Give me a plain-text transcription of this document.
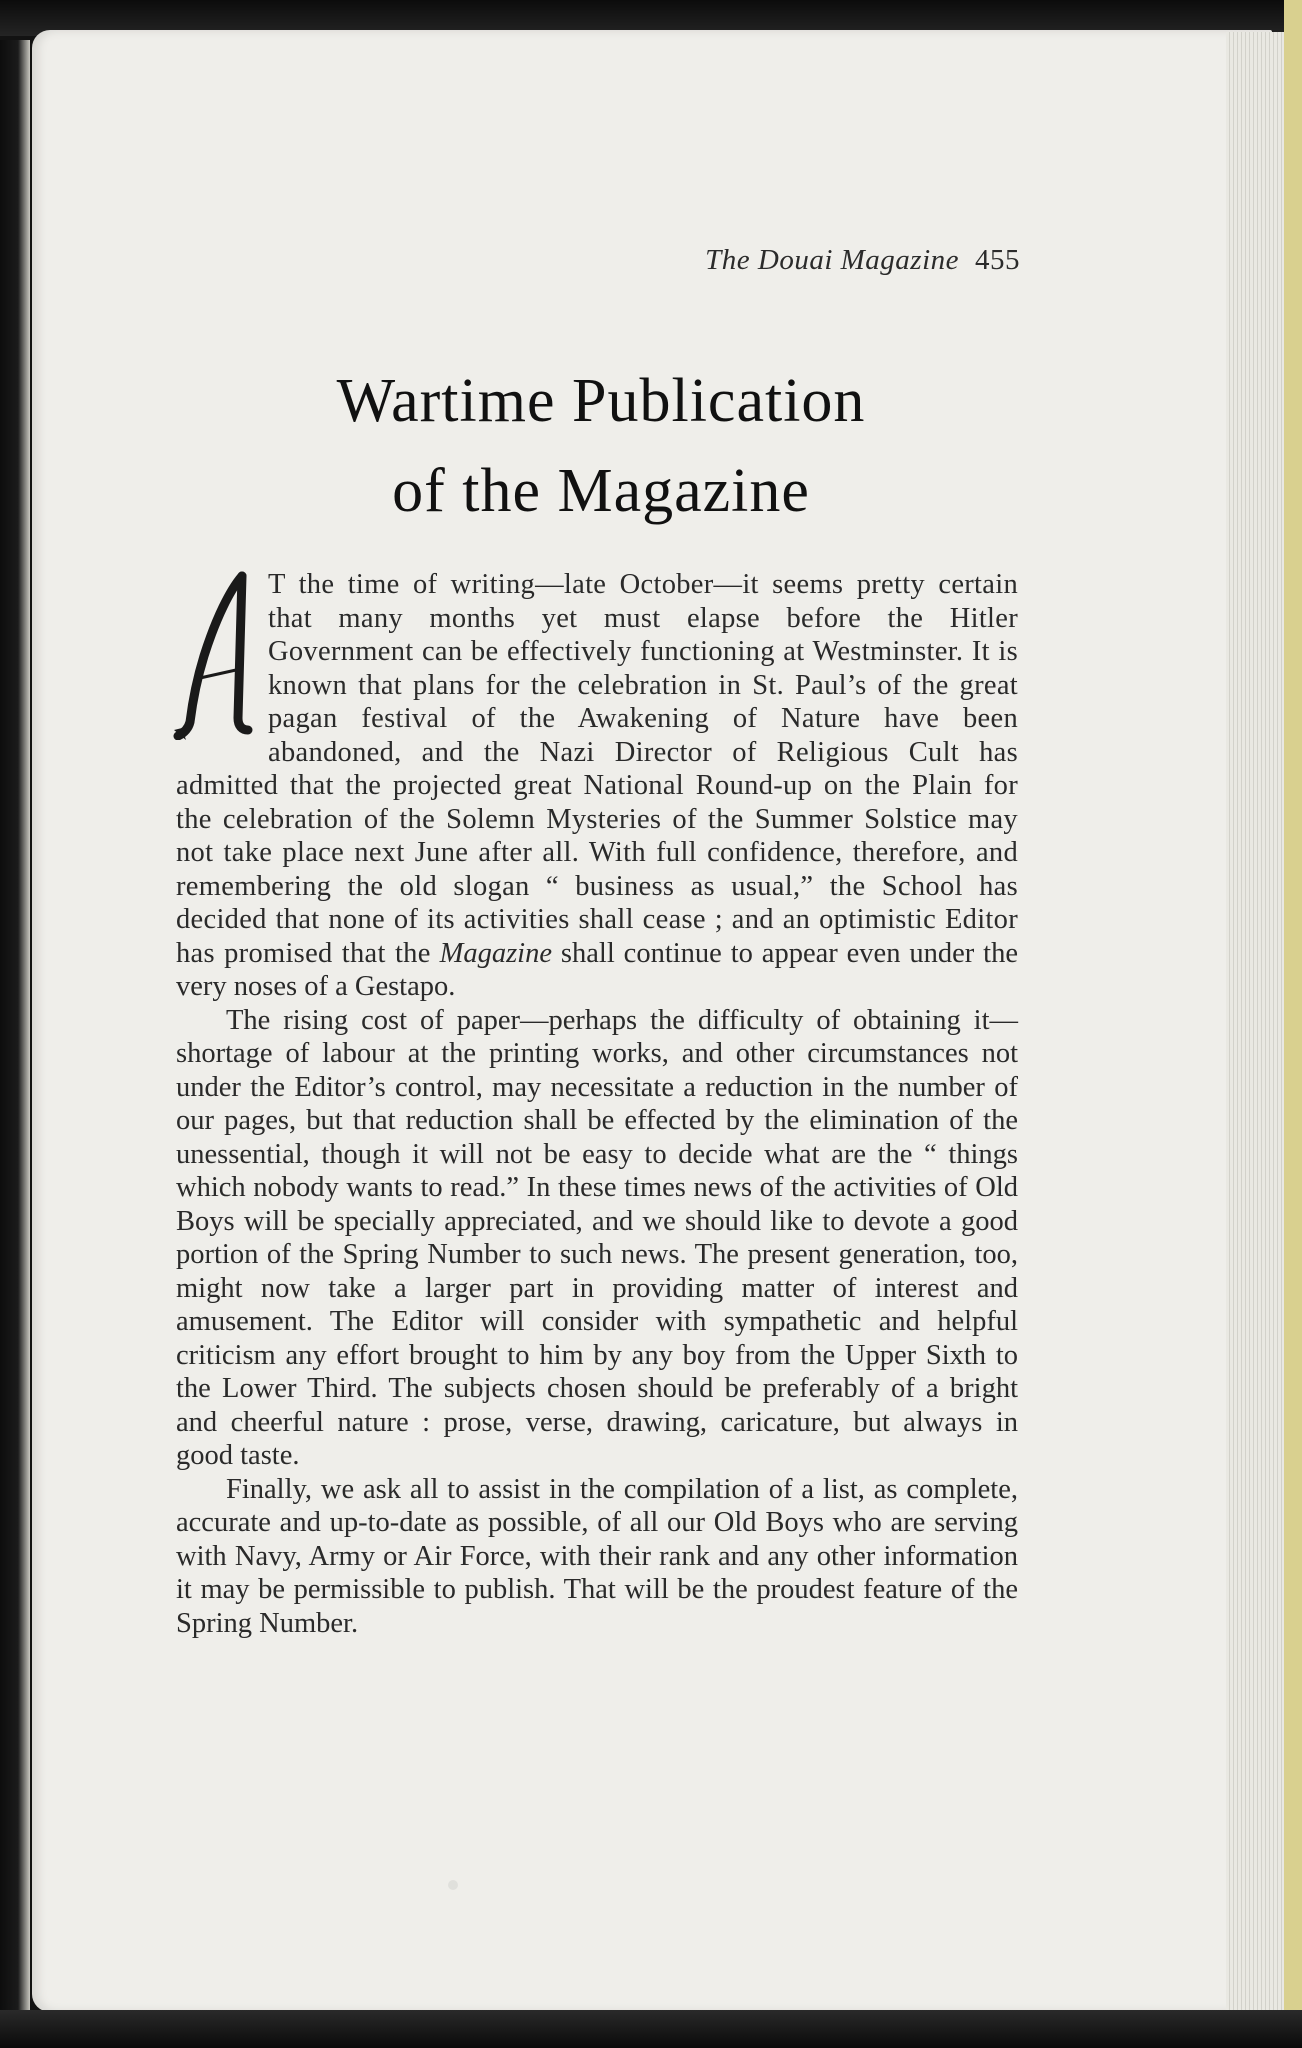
The Douai Magazine 455
Wartime Publication
of the Magazine

A	T the time of writing—late October—it seems pretty certain that many months yet must elapse before the Hitler Government can be effectively functioning at Westminster. It is known that plans for the celebration in St. Paul’s of the great pagan festival of the Awakening of Nature have been abandoned, and the Nazi Director of Religious Cult has admitted that the projected great National Round-up on the Plain for the celebration of the Solemn Mysteries of the Summer Solstice may not take place next June after all. With full confidence, therefore, and remembering the old slogan “ business as usual,” the School has decided that none of its activities shall cease ; and an optimistic Editor has promised that the Magazine shall continue to appear even under the very noses of a Gestapo.

The rising cost of paper—perhaps the difficulty of obtaining it—shortage of labour at the printing works, and other circumstances not under the Editor’s control, may necessitate a reduction in the number of our pages, but that reduction shall be effected by the elimination of the unessential, though it will not be easy to decide what are the “ things which nobody wants to read.” In these times news of the activities of Old Boys will be specially appreciated, and we should like to devote a good portion of the Spring Number to such news. The present generation, too, might now take a larger part in providing matter of interest and amusement. The Editor will consider with sympathetic and helpful criticism any effort brought to him by any boy from the Upper Sixth to the Lower Third. The subjects chosen should be preferably of a bright and cheerful nature : prose, verse, drawing, caricature, but always in good taste.

Finally, we ask all to assist in the compilation of a list, as complete, accurate and up-to-date as possible, of all our Old Boys who are serving with Navy, Army or Air Force, with their rank and any other information it may be permissible to publish. That will be the proudest feature of the Spring Number.
